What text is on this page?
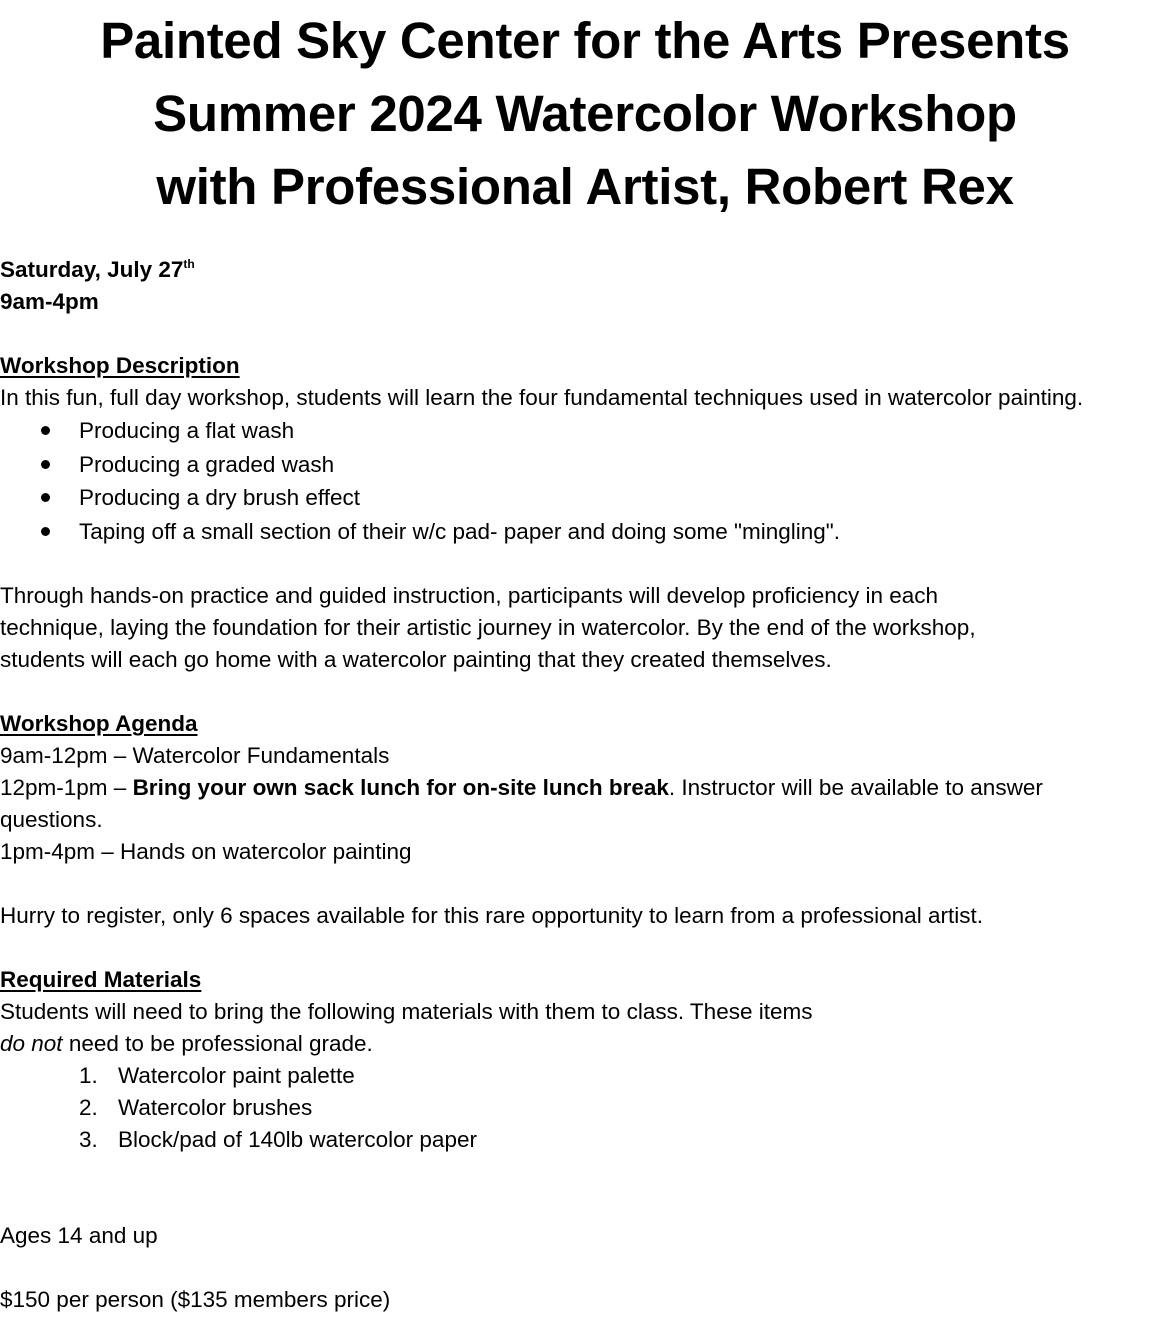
Painted Sky Center for the Arts Presents
Summer 2024 Watercolor Workshop
with Professional Artist, Robert Rex
Saturday, July 27th
9am-4pm
Workshop Description
In this fun, full day workshop, students will learn the four fundamental techniques used in watercolor painting.
Producing a flat wash
Producing a graded wash
Producing a dry brush effect
Taping off a small section of their w/c pad- paper and doing some "mingling".
Through hands-on practice and guided instruction, participants will develop proficiency in each
technique, laying the foundation for their artistic journey in watercolor. By the end of the workshop,
students will each go home with a watercolor painting that they created themselves.
Workshop Agenda
9am-12pm – Watercolor Fundamentals
12pm-1pm – Bring your own sack lunch for on-site lunch break. Instructor will be available to answer
questions.
1pm-4pm – Hands on watercolor painting
Hurry to register, only 6 spaces available for this rare opportunity to learn from a professional artist.
Required Materials
Students will need to bring the following materials with them to class. These items
do not need to be professional grade.
1. Watercolor paint palette
2. Watercolor brushes
3. Block/pad of 140lb watercolor paper
Ages 14 and up
$150 per person ($135 members price)
